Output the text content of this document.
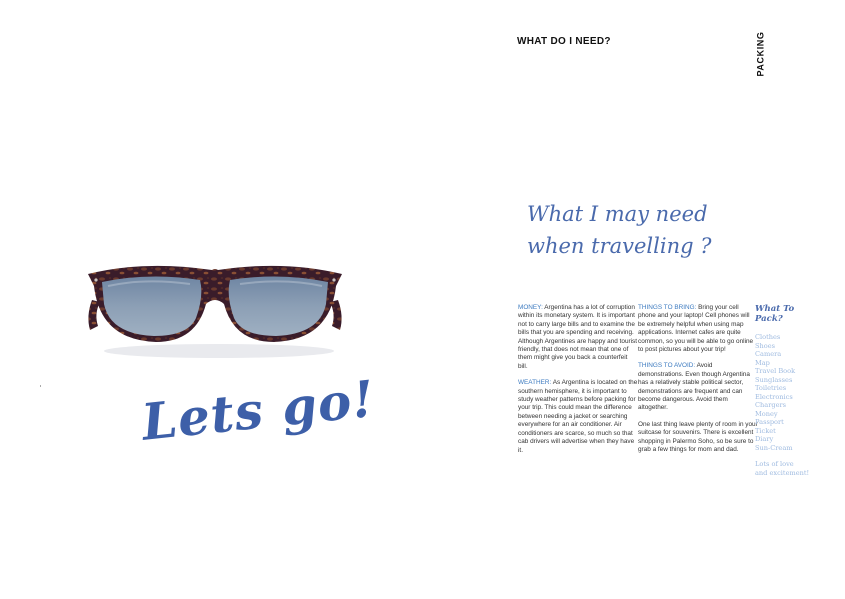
Lets go!
WHAT DO I NEED?	PACKING
What I may need
when travelling ?

MONEY: Argentina has a lot of corruption within its monetary system. It is important not to carry large bills and to examine the bills that you are spending and receiving. Although Argentines are happy and tourist friendly, that does not mean that one of them might give you back a counterfeit bill.

WEATHER: As Argentina is located on the southern hemisphere, it is important to study weather patterns before packing for your trip. This could mean the difference between needing a jacket or searching everywhere for an air conditioner. Air conditioners are scarce, so much so that cab drivers will advertise when they have it.

THINGS TO BRING: Bring your cell phone and your laptop! Cell phones will be extremely helpful when using map applications. Internet cafes are quite common, so you will be able to go online to post pictures about your trip!

THINGS TO AVOID: Avoid demonstrations. Even though Argentina has a relatively stable political sector, demonstrations are frequent and can become dangerous. Avoid them altogether.

One last thing leave plenty of room in your suitcase for souvenirs. There is excellent shopping in Palermo Soho, so be sure to grab a few things for mom and dad.

What To
Pack?
Clothes
Shoes
Camera
Map
Travel Book
Sunglasses
Toiletries
Electronics
Chargers
Money
Passport
Ticket
Diary
Sun-Cream
Lots of love
and excitement!
